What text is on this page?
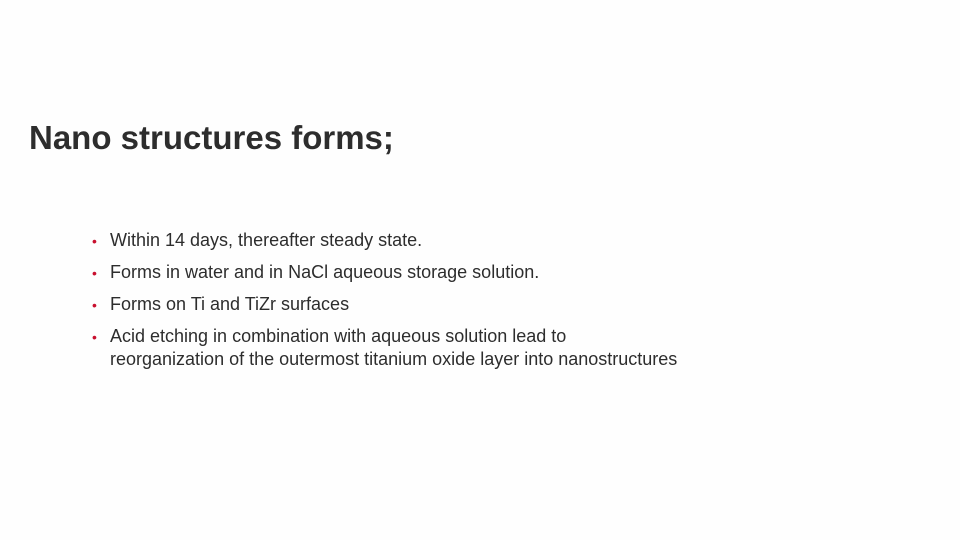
Nano structures forms;
• Within 14 days, thereafter steady state.
• Forms in water and in NaCl aqueous storage solution.
• Forms on Ti and TiZr surfaces
• Acid etching in combination with aqueous solution lead to
reorganization of the outermost titanium oxide layer into nanostructures
